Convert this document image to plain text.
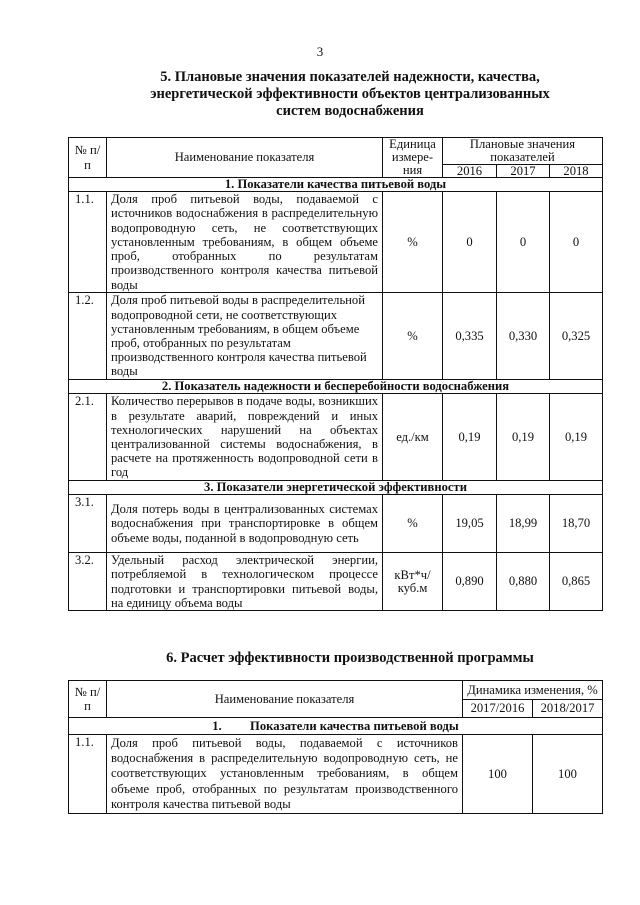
3
5. Плановые значения показателей надежности, качества,
энергетической эффективности объектов централизованных
систем водоснабжения
№ п/п	Наименование показателя	Единица измере- ния	Плановые значения показателей		
			2016	2017	2018
1. Показатели качества питьевой воды					
1.1.	Доля проб питьевой воды, подаваемой с источников водоснабжения в распределительную водопроводную сеть, не соответствующих установленным требованиям, в общем объеме проб, отобранных по результатам производственного контроля качества питьевой воды	%	0	0	0
1.2.	Доля проб питьевой воды в распределительной водопроводной сети, не соответствующих установленным требованиям, в общем объеме проб, отобранных по результатам производственного контроля качества питьевой воды	%	0,335	0,330	0,325
2. Показатель надежности и бесперебойности водоснабжения					
2.1.	Количество перерывов в подаче воды, возникших в результате аварий, повреждений и иных технологических нарушений на объектах централизованной системы водоснабжения, в расчете на протяженность водопроводной сети в год	ед./км	0,19	0,19	0,19
3. Показатели энергетической эффективности					
3.1.	Доля потерь воды в централизованных системах водоснабжения при транспортировке в общем объеме воды, поданной в водопроводную сеть	%	19,05	18,99	18,70
3.2.	Удельный расход электрической энергии, потребляемой в технологическом процессе подготовки и транспортировки питьевой воды, на единицу объема воды	кВт*ч/ куб.м	0,890	0,880	0,865
6. Расчет эффективности производственной программы
№ п/п	Наименование показателя	Динамика изменения, %	
		2017/2016	2018/2017
1. Показатели качества питьевой воды			
1.1.	Доля проб питьевой воды, подаваемой с источников водоснабжения в распределительную водопроводную сеть, не соответствующих установленным требованиям, в общем объеме проб, отобранных по результатам производственного контроля качества питьевой воды	100	100
